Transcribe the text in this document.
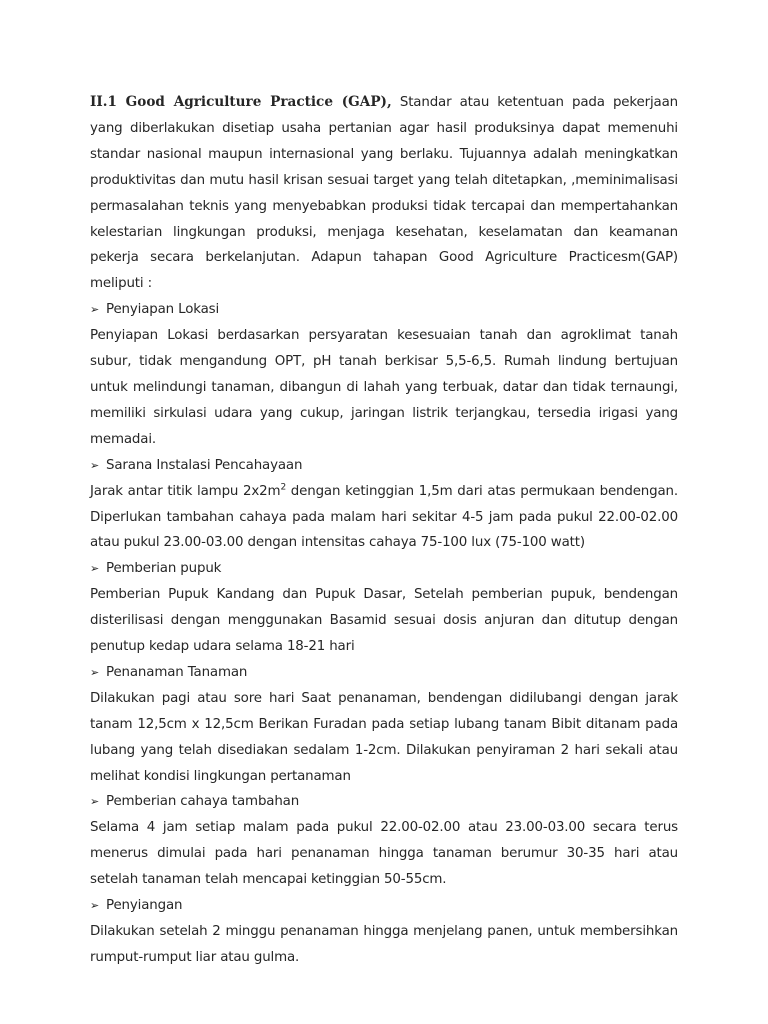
II.1 Good Agriculture Practice (GAP), Standar atau ketentuan pada pekerjaan yang diberlakukan disetiap usaha pertanian agar hasil produksinya dapat memenuhi standar nasional maupun internasional yang berlaku. Tujuannya adalah meningkatkan produktivitas dan mutu hasil krisan sesuai target yang telah ditetapkan, ,meminimalisasi permasalahan teknis yang menyebabkan produksi tidak tercapai dan mempertahankan kelestarian lingkungan produksi, menjaga kesehatan, keselamatan dan keamanan pekerja secara berkelanjutan. Adapun tahapan Good Agriculture Practicesm(GAP) meliputi :

➢ Penyiapan Lokasi

Penyiapan Lokasi berdasarkan persyaratan kesesuaian tanah dan agroklimat tanah subur, tidak mengandung OPT, pH tanah berkisar 5,5-6,5. Rumah lindung bertujuan untuk melindungi tanaman, dibangun di lahah yang terbuak, datar dan tidak ternaungi, memiliki sirkulasi udara yang cukup, jaringan listrik terjangkau, tersedia irigasi yang memadai.

➢ Sarana Instalasi Pencahayaan

Jarak antar titik lampu $2x2m^2$ dengan ketinggian 1,5m dari atas permukaan bendengan. Diperlukan tambahan cahaya pada malam hari sekitar 4-5 jam pada pukul 22.00-02.00 atau pukul 23.00-03.00 dengan intensitas cahaya 75-100 lux (75-100 watt)

➢ Pemberian pupuk

Pemberian Pupuk Kandang dan Pupuk Dasar, Setelah pemberian pupuk, bendengan disterilisasi dengan menggunakan Basamid sesuai dosis anjuran dan ditutup dengan penutup kedap udara selama 18-21 hari

➢ Penanaman Tanaman

Dilakukan pagi atau sore hari Saat penanaman, bendengan didilubangi dengan jarak tanam 12,5cm x 12,5cm Berikan Furadan pada setiap lubang tanam Bibit ditanam pada lubang yang telah disediakan sedalam 1-2cm. Dilakukan penyiraman 2 hari sekali atau melihat kondisi lingkungan pertanaman

➢ Pemberian cahaya tambahan

Selama 4 jam setiap malam pada pukul 22.00-02.00 atau 23.00-03.00 secara terus menerus dimulai pada hari penanaman hingga tanaman berumur 30-35 hari atau setelah tanaman telah mencapai ketinggian 50-55cm.

➢ Penyiangan

Dilakukan setelah 2 minggu penanaman hingga menjelang panen, untuk membersihkan rumput-rumput liar atau gulma.
